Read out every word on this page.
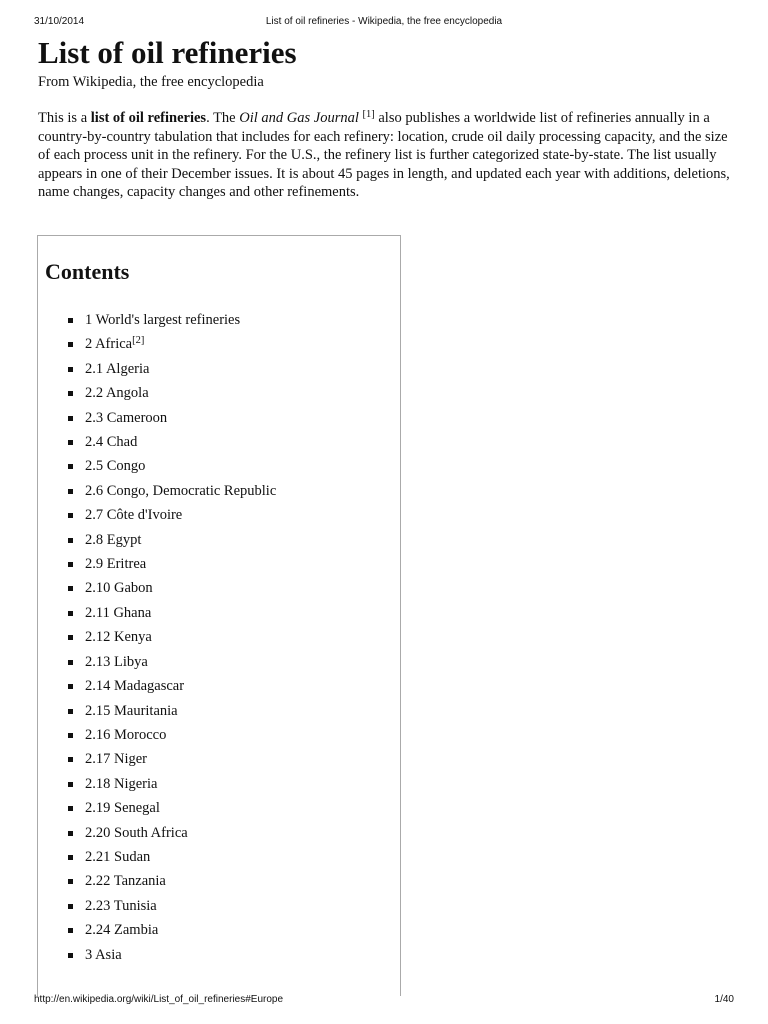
31/10/2014	List of oil refineries - Wikipedia, the free encyclopedia
List of oil refineries
From Wikipedia, the free encyclopedia

This is a list of oil refineries. The Oil and Gas Journal [1] also publishes a worldwide list of refineries annually in a country-by-country tabulation that includes for each refinery: location, crude oil daily processing capacity, and the size of each process unit in the refinery. For the U.S., the refinery list is further categorized state-by-state. The list usually appears in one of their December issues. It is about 45 pages in length, and updated each year with additions, deletions, name changes, capacity changes and other refinements.

Contents
1 World's largest refineries
2 Africa[2]
2.1 Algeria
2.2 Angola
2.3 Cameroon
2.4 Chad
2.5 Congo
2.6 Congo, Democratic Republic
2.7 Côte d'Ivoire
2.8 Egypt
2.9 Eritrea
2.10 Gabon
2.11 Ghana
2.12 Kenya
2.13 Libya
2.14 Madagascar
2.15 Mauritania
2.16 Morocco
2.17 Niger
2.18 Nigeria
2.19 Senegal
2.20 South Africa
2.21 Sudan
2.22 Tanzania
2.23 Tunisia
2.24 Zambia
3 Asia
http://en.wikipedia.org/wiki/List_of_oil_refineries#Europe	1/40
